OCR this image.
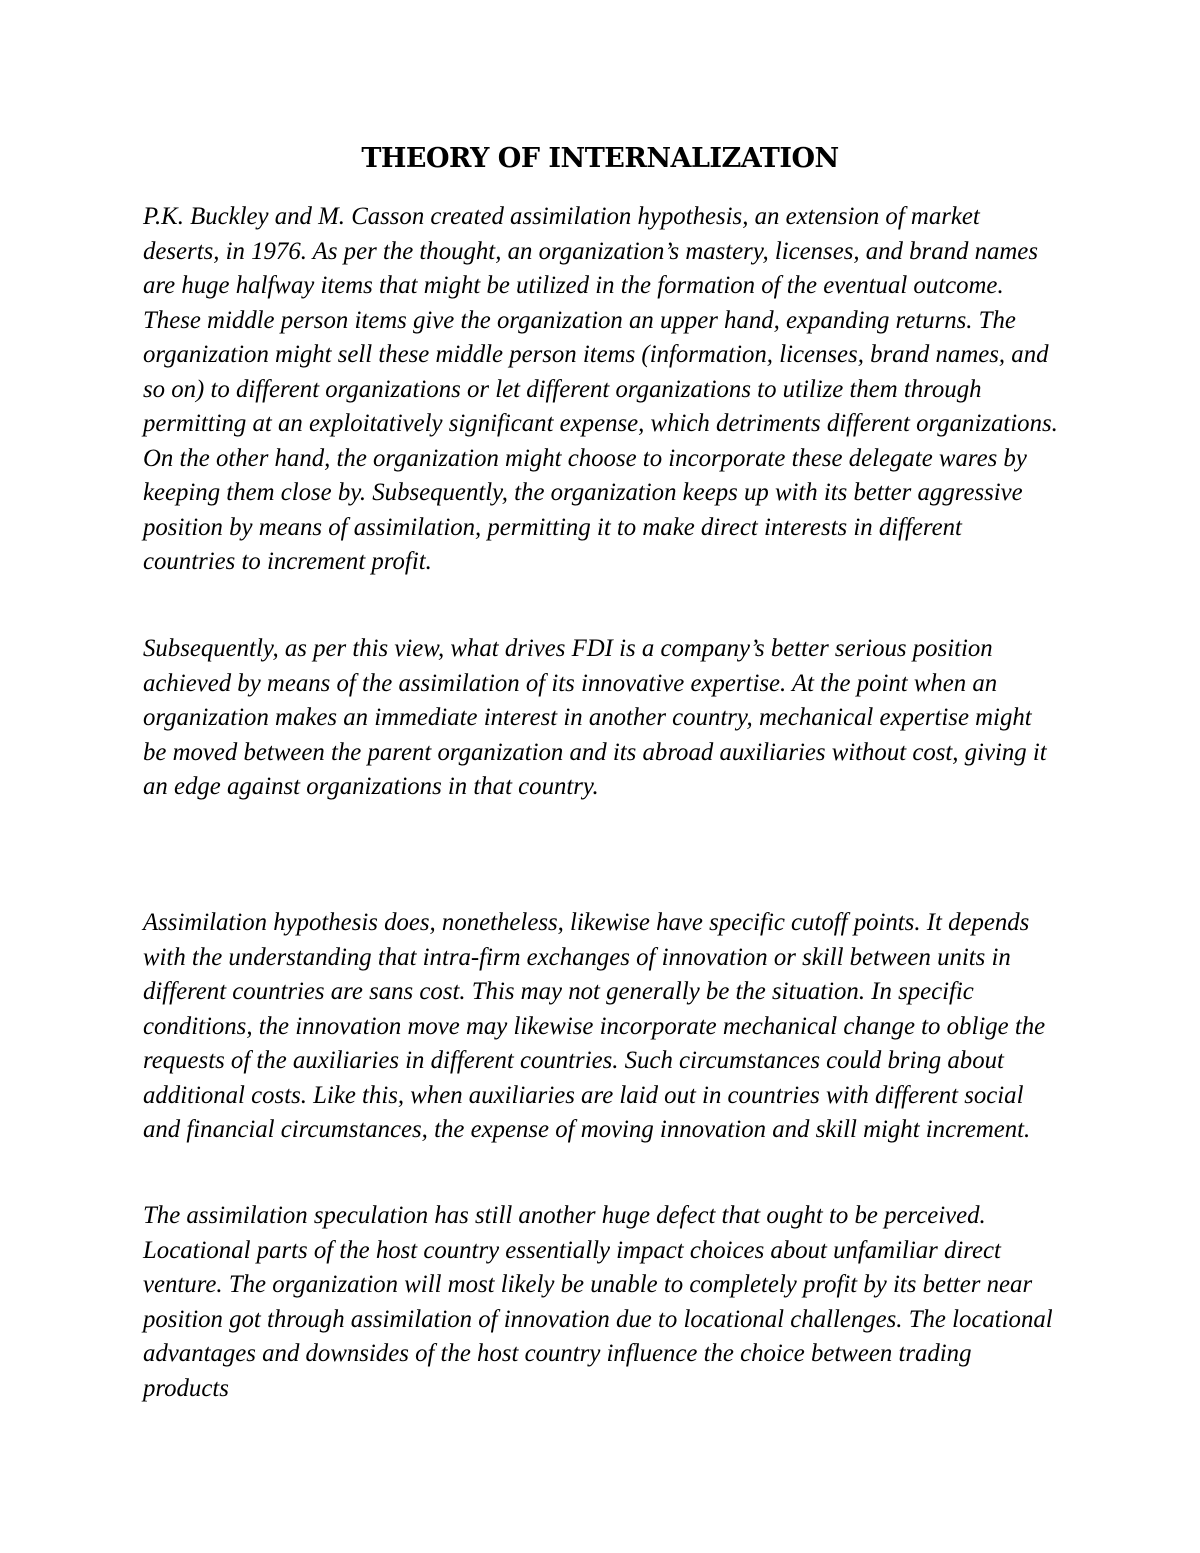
THEORY OF INTERNALIZATION

P.K. Buckley and M. Casson created assimilation hypothesis, an extension of market deserts, in 1976. As per the thought, an organization’s mastery, licenses, and brand names are huge halfway items that might be utilized in the formation of the eventual outcome. These middle person items give the organization an upper hand, expanding returns. The organization might sell these middle person items (information, licenses, brand names, and so on) to different organizations or let different organizations to utilize them through permitting at an exploitatively significant expense, which detriments different organizations. On the other hand, the organization might choose to incorporate these delegate wares by keeping them close by. Subsequently, the organization keeps up with its better aggressive position by means of assimilation, permitting it to make direct interests in different countries to increment profit.

Subsequently, as per this view, what drives FDI is a company’s better serious position achieved by means of the assimilation of its innovative expertise. At the point when an organization makes an immediate interest in another country, mechanical expertise might be moved between the parent organization and its abroad auxiliaries without cost, giving it an edge against organizations in that country.

Assimilation hypothesis does, nonetheless, likewise have specific cutoff points. It depends with the understanding that intra-firm exchanges of innovation or skill between units in different countries are sans cost. This may not generally be the situation. In specific conditions, the innovation move may likewise incorporate mechanical change to oblige the requests of the auxiliaries in different countries. Such circumstances could bring about additional costs. Like this, when auxiliaries are laid out in countries with different social and financial circumstances, the expense of moving innovation and skill might increment.

The assimilation speculation has still another huge defect that ought to be perceived. Locational parts of the host country essentially impact choices about unfamiliar direct venture. The organization will most likely be unable to completely profit by its better near position got through assimilation of innovation due to locational challenges. The locational advantages and downsides of the host country influence the choice between trading products
